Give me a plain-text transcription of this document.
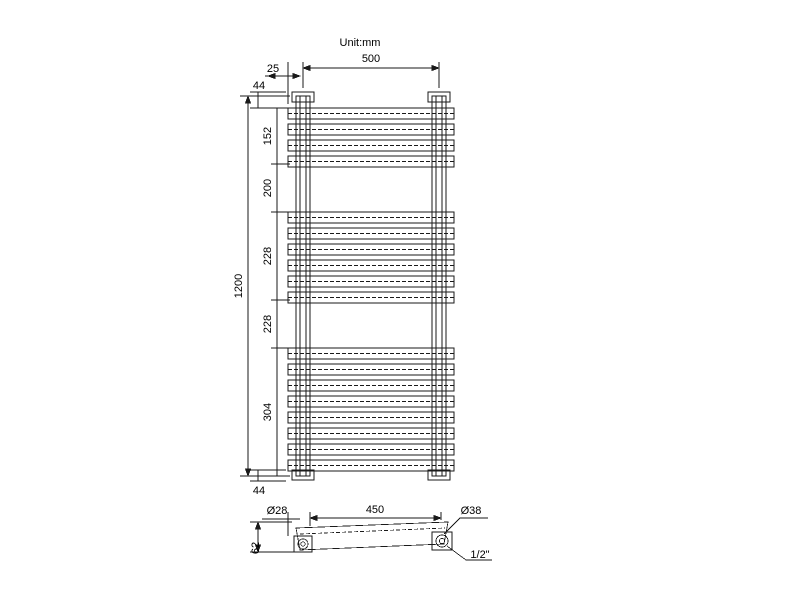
Unit:mm
500
25
44
44
152
200
228
228
304
1200
Ø28
62
450	Ø38
1/2"
